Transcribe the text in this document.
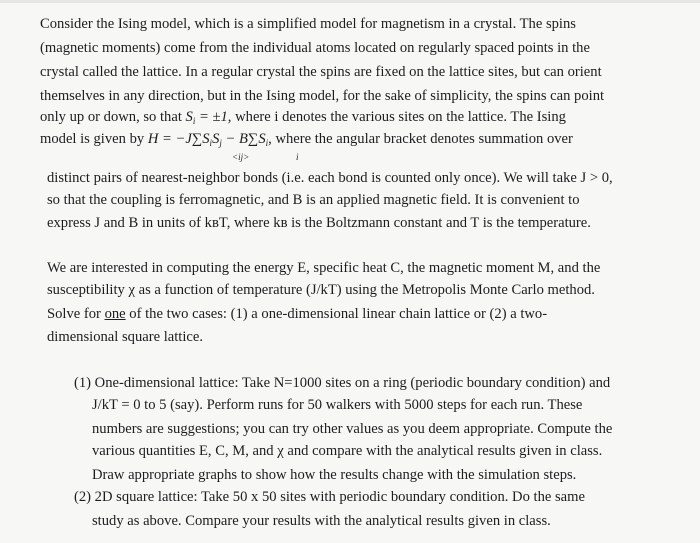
Consider the Ising model, which is a simplified model for magnetism in a crystal. The spins
(magnetic moments) come from the individual atoms located on regularly spaced points in the
crystal called the lattice. In a regular crystal the spins are fixed on the lattice sites, but can orient
themselves in any direction, but in the Ising model, for the sake of simplicity, the spins can point
only up or down, so that $S_i = \pm 1$, where i denotes the various sites on the lattice. The Ising
model is given by $H = -J\sum S_iS_j - B\sum S_i$, where the angular bracket denotes summation over
<ij>	i
distinct pairs of nearest-neighbor bonds (i.e. each bond is counted only once). We will take J > 0,
so that the coupling is ferromagnetic, and B is an applied magnetic field. It is convenient to
express J and B in units of kʙT, where kʙ is the Boltzmann constant and T is the temperature.
We are interested in computing the energy E, specific heat C, the magnetic moment M, and the
susceptibility χ as a function of temperature (J/kT) using the Metropolis Monte Carlo method.
Solve for one of the two cases: (1) a one-dimensional linear chain lattice or (2) a two-
dimensional square lattice.
(1) One-dimensional lattice: Take N=1000 sites on a ring (periodic boundary condition) and
J/kT = 0 to 5 (say). Perform runs for 50 walkers with 5000 steps for each run. These
numbers are suggestions; you can try other values as you deem appropriate. Compute the
various quantities E, C, M, and χ and compare with the analytical results given in class.
Draw appropriate graphs to show how the results change with the simulation steps.
(2) 2D square lattice: Take 50 x 50 sites with periodic boundary condition. Do the same
study as above. Compare your results with the analytical results given in class.
